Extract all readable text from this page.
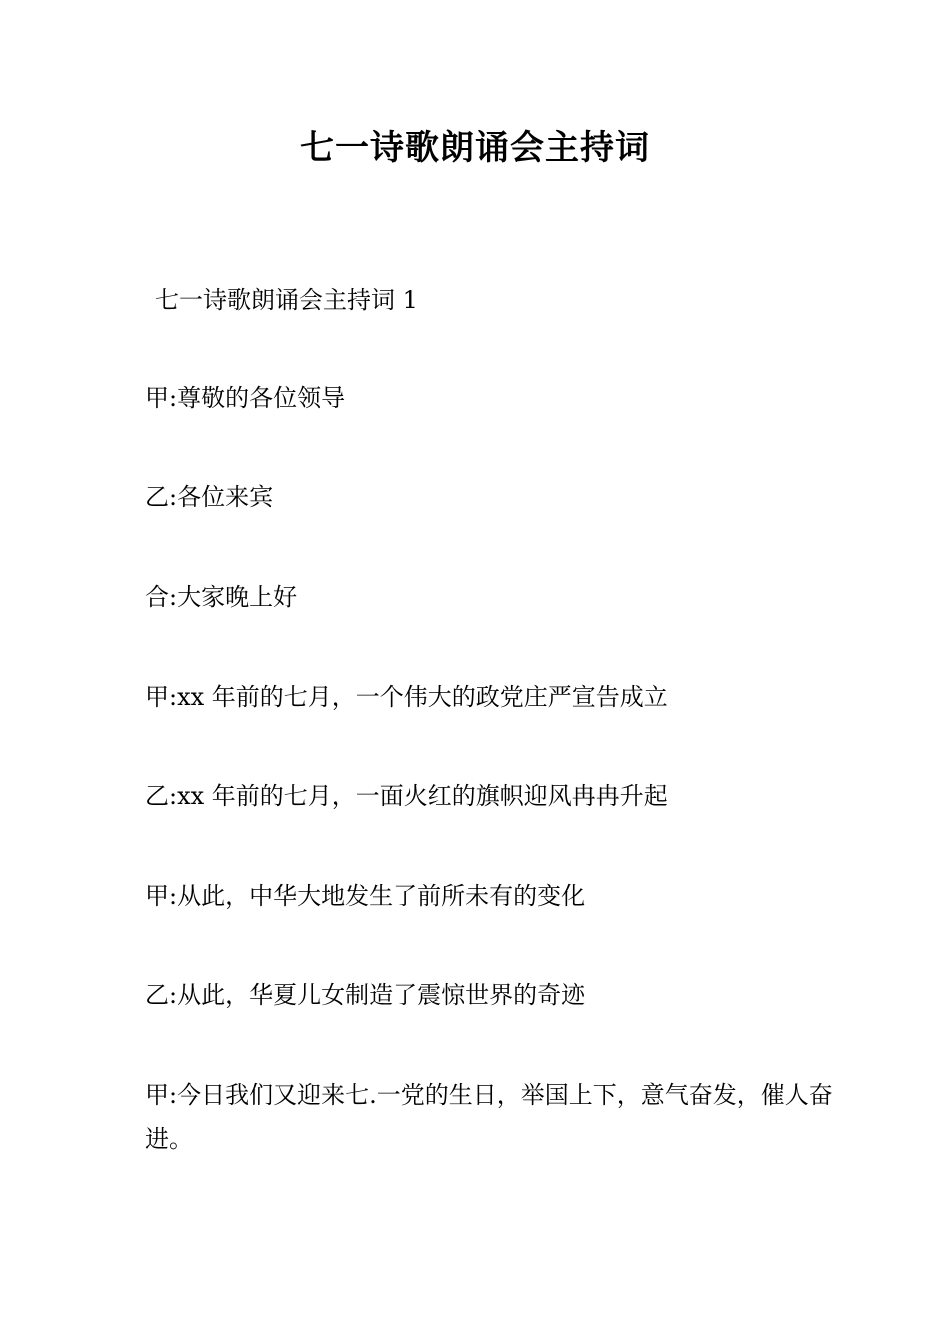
七一诗歌朗诵会主持词
七一诗歌朗诵会主持词 1
甲:尊敬的各位领导
乙:各位来宾
合:大家晚上好
甲:xx 年前的七月，一个伟大的政党庄严宣告成立
乙:xx 年前的七月，一面火红的旗帜迎风冉冉升起
甲:从此，中华大地发生了前所未有的变化
乙:从此，华夏儿女制造了震惊世界的奇迹
甲:今日我们又迎来七.一党的生日，举国上下，意气奋发，催人奋进。
